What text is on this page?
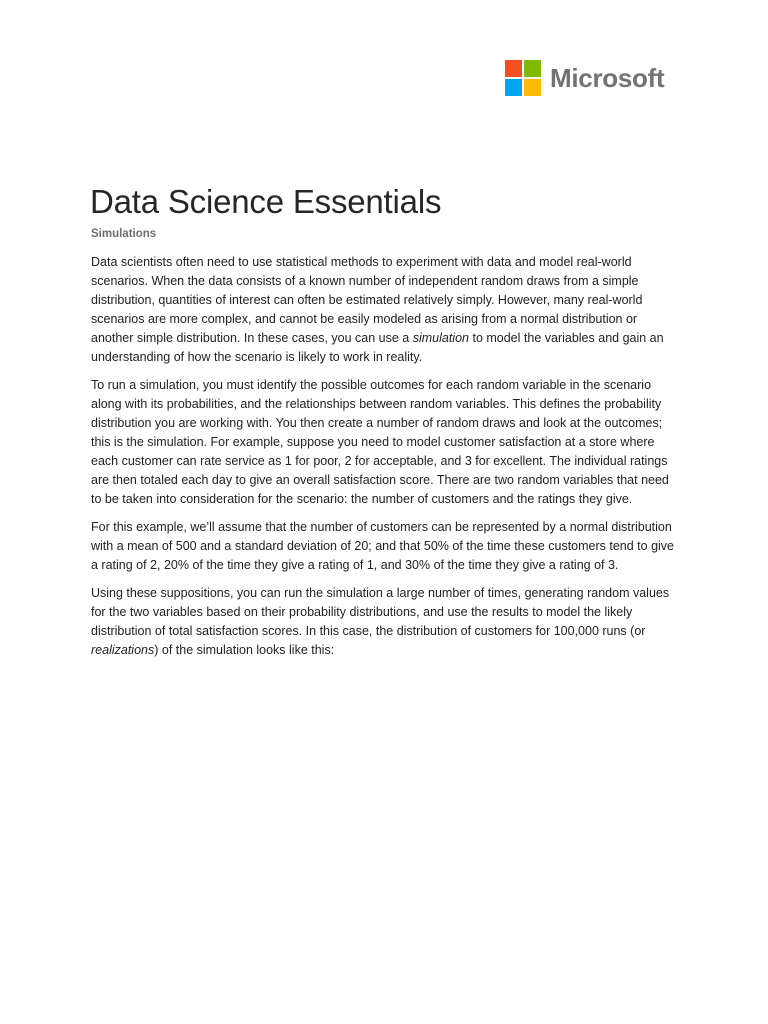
Microsoft
Data Science Essentials
Simulations

Data scientists often need to use statistical methods to experiment with data and model real-world scenarios. When the data consists of a known number of independent random draws from a simple distribution, quantities of interest can often be estimated relatively simply. However, many real-world scenarios are more complex, and cannot be easily modeled as arising from a normal distribution or another simple distribution. In these cases, you can use a simulation to model the variables and gain an understanding of how the scenario is likely to work in reality.

To run a simulation, you must identify the possible outcomes for each random variable in the scenario along with its probabilities, and the relationships between random variables. This defines the probability distribution you are working with. You then create a number of random draws and look at the outcomes; this is the simulation. For example, suppose you need to model customer satisfaction at a store where each customer can rate service as 1 for poor, 2 for acceptable, and 3 for excellent. The individual ratings are then totaled each day to give an overall satisfaction score. There are two random variables that need to be taken into consideration for the scenario: the number of customers and the ratings they give.

For this example, we’ll assume that the number of customers can be represented by a normal distribution with a mean of 500 and a standard deviation of 20; and that 50% of the time these customers tend to give a rating of 2, 20% of the time they give a rating of 1, and 30% of the time they give a rating of 3.

Using these suppositions, you can run the simulation a large number of times, generating random values for the two variables based on their probability distributions, and use the results to model the likely distribution of total satisfaction scores. In this case, the distribution of customers for 100,000 runs (or realizations) of the simulation looks like this:
